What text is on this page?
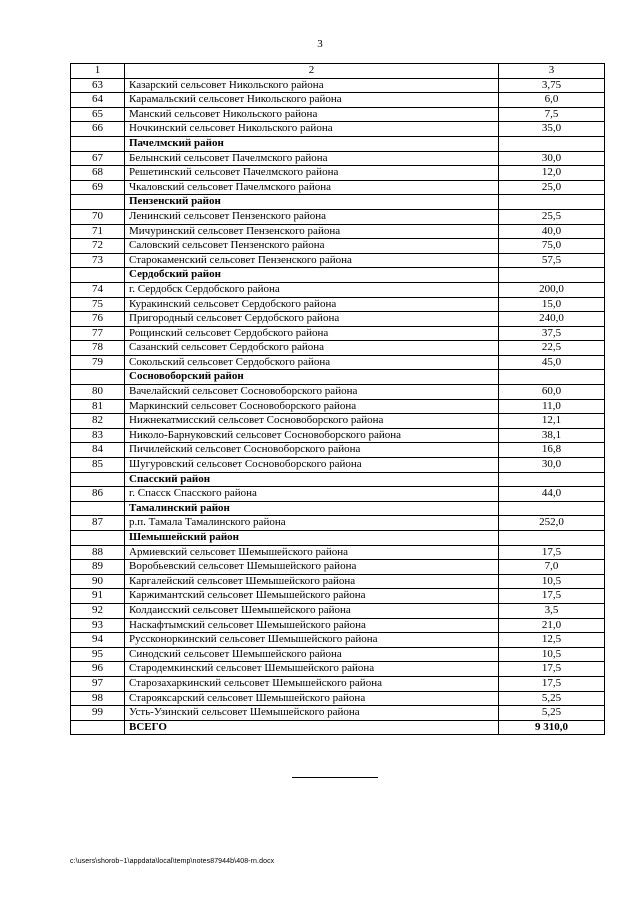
3
1	2	3
63	Казарский сельсовет Никольского района	3,75
64	Карамальский сельсовет Никольского района	6,0
65	Манский сельсовет Никольского района	7,5
66	Ночкинский сельсовет Никольского района	35,0
	Пачелмский район	
67	Белынский сельсовет Пачелмского района	30,0
68	Решетинский сельсовет Пачелмского района	12,0
69	Чкаловский сельсовет Пачелмского района	25,0
	Пензенский район	
70	Ленинский сельсовет Пензенского района	25,5
71	Мичуринский сельсовет Пензенского района	40,0
72	Саловский сельсовет Пензенского района	75,0
73	Старокаменский сельсовет Пензенского района	57,5
	Сердобский район	
74	г. Сердобск Сердобского района	200,0
75	Куракинский сельсовет Сердобского района	15,0
76	Пригородный сельсовет Сердобского района	240,0
77	Рощинский сельсовет Сердобского района	37,5
78	Сазанский сельсовет Сердобского района	22,5
79	Сокольский сельсовет Сердобского района	45,0
	Сосновоборский район	
80	Вачелайский сельсовет Сосновоборского района	60,0
81	Маркинский сельсовет Сосновоборского района	11,0
82	Нижнекатмисский сельсовет Сосновоборского района	12,1
83	Николо-Барнуковский сельсовет Сосновоборского района	38,1
84	Пичилейский сельсовет Сосновоборского района	16,8
85	Шугуровский сельсовет Сосновоборского района	30,0
	Спасский район	
86	г. Спасск Спасского района	44,0
	Тамалинский район	
87	р.п. Тамала Тамалинского района	252,0
	Шемышейский район	
88	Армиевский сельсовет Шемышейского района	17,5
89	Воробьевский сельсовет Шемышейского района	7,0
90	Каргалейский сельсовет Шемышейского района	10,5
91	Каржимантский сельсовет Шемышейского района	17,5
92	Колдаисский сельсовет Шемышейского района	3,5
93	Наскафтымский сельсовет Шемышейского района	21,0
94	Руссконоркинский сельсовет Шемышейского района	12,5
95	Синодский сельсовет Шемышейского района	10,5
96	Стародемкинский сельсовет Шемышейского района	17,5
97	Старозахаркинский сельсовет Шемышейского района	17,5
98	Старояксарский сельсовет Шемышейского района	5,25
99	Усть-Узинский сельсовет Шемышейского района	5,25
	ВСЕГО	9 310,0
c:\users\shorob~1\appdata\local\temp\notes87944b\408-rn.docx
